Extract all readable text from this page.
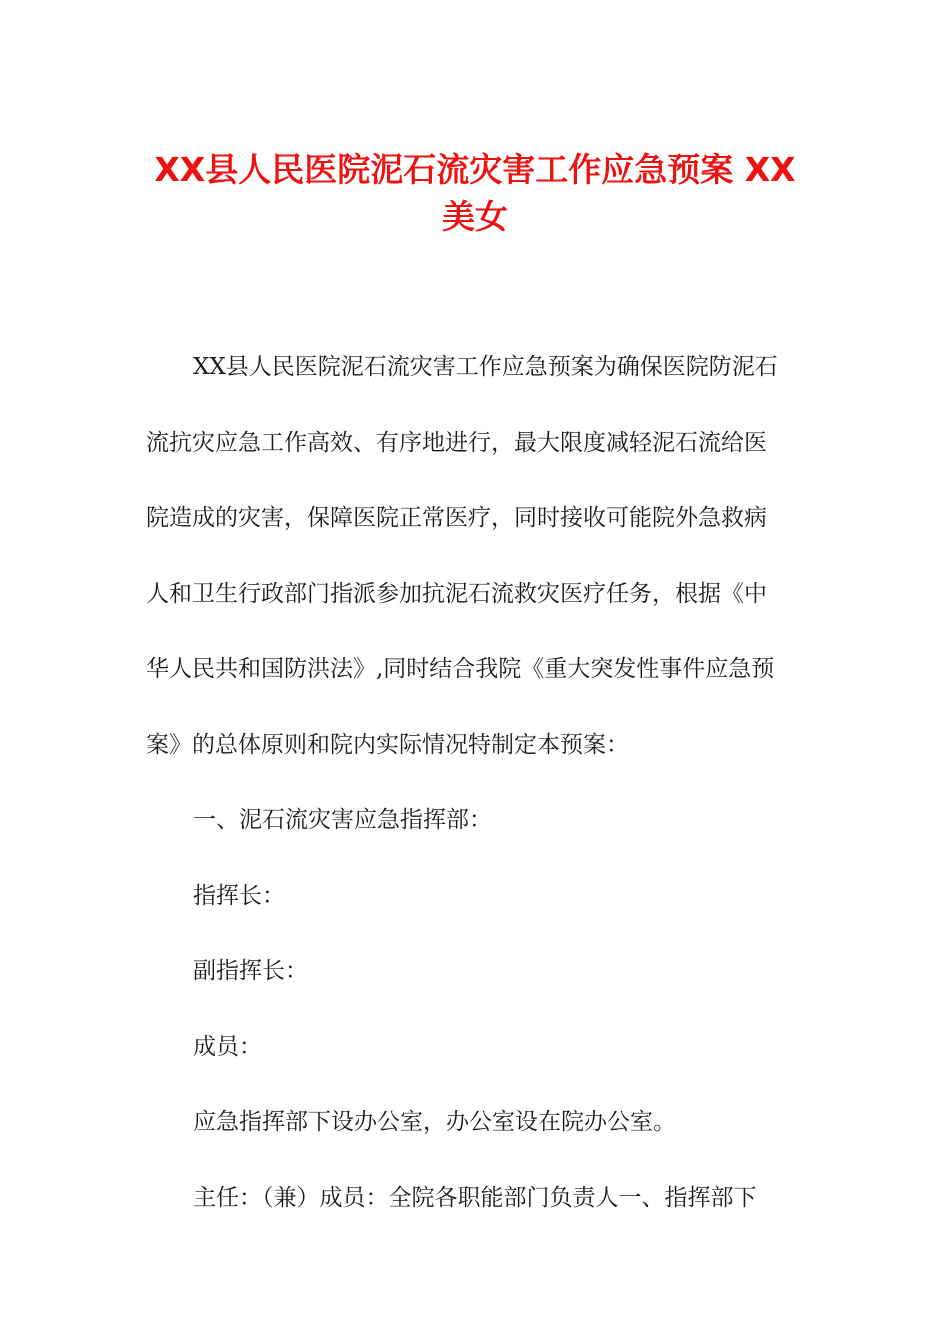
XX县人民医院泥石流灾害工作应急预案 XX
美女
XX县人民医院泥石流灾害工作应急预案为确保医院防泥石
流抗灾应急工作高效、有序地进行，最大限度减轻泥石流给医
院造成的灾害，保障医院正常医疗，同时接收可能院外急救病
人和卫生行政部门指派参加抗泥石流救灾医疗任务，根据《中
华人民共和国防洪法》,同时结合我院《重大突发性事件应急预
案》的总体原则和院内实际情况特制定本预案：
一、泥石流灾害应急指挥部：
指挥长：
副指挥长：
成员：
应急指挥部下设办公室，办公室设在院办公室。
主任：（兼）成员：全院各职能部门负责人一、指挥部下
